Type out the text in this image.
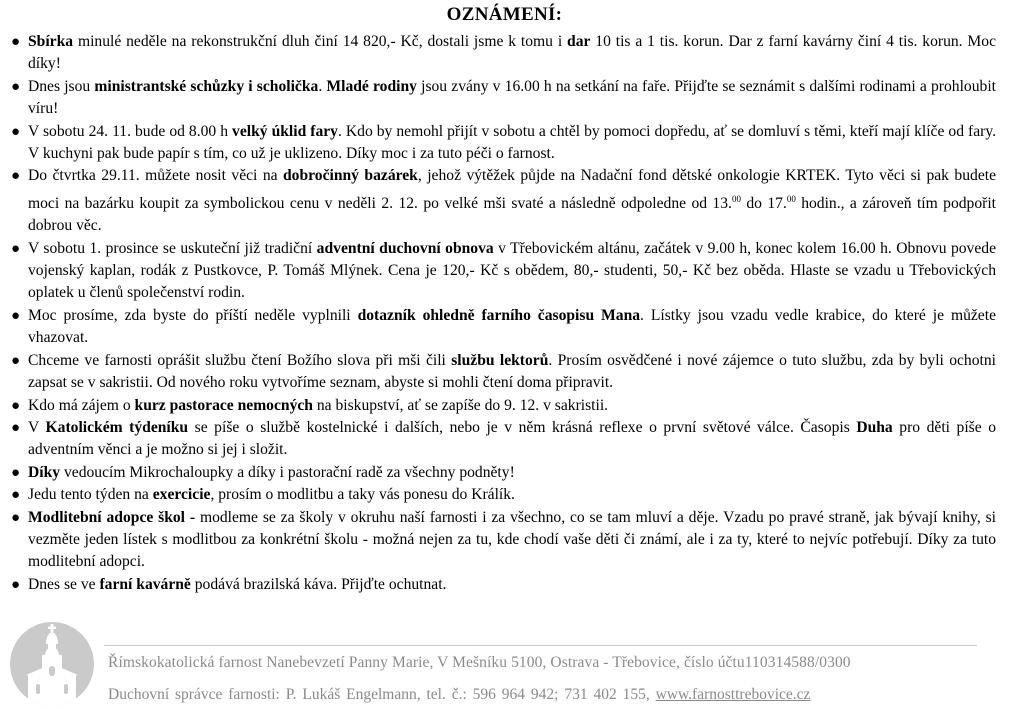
OZNÁMENÍ:
● Sbírka minulé neděle na rekonstrukční dluh činí 14 820,- Kč, dostali jsme k tomu i dar 10 tis a 1 tis. korun. Dar z farní kavárny činí 4 tis. korun. Moc díky!
● Dnes jsou ministrantské schůzky i scholička. Mladé rodiny jsou zvány v 16.00 h na setkání na faře. Přijďte se seznámit s dalšími rodinami a prohloubit víru!
● V sobotu 24. 11. bude od 8.00 h velký úklid fary. Kdo by nemohl přijít v sobotu a chtěl by pomoci dopředu, ať se domluví s těmi, kteří mají klíče od fary. V kuchyni pak bude papír s tím, co už je uklizeno. Díky moc i za tuto péči o farnost.
● Do čtvrtka 29.11. můžete nosit věci na dobročinný bazárek, jehož výtěžek půjde na Nadační fond dětské onkologie KRTEK. Tyto věci si pak budete moci na bazárku koupit za symbolickou cenu v neděli 2. 12. po velké mši svaté a následně odpoledne od 13.00 do 17.00 hodin., a zároveň tím podpořit dobrou věc.
● V sobotu 1. prosince se uskuteční již tradiční adventní duchovní obnova v Třebovickém altánu, začátek v 9.00 h, konec kolem 16.00 h. Obnovu povede vojenský kaplan, rodák z Pustkovce, P. Tomáš Mlýnek. Cena je 120,- Kč s obědem, 80,- studenti, 50,- Kč bez oběda. Hlaste se vzadu u Třebovických oplatek u členů společenství rodin.
● Moc prosíme, zda byste do příští neděle vyplnili dotazník ohledně farního časopisu Mana. Lístky jsou vzadu vedle krabice, do které je můžete vhazovat.
● Chceme ve farnosti oprášit službu čtení Božího slova při mši čili službu lektorů. Prosím osvědčené i nové zájemce o tuto službu, zda by byli ochotni zapsat se v sakristii. Od nového roku vytvoříme seznam, abyste si mohli čtení doma připravit.
● Kdo má zájem o kurz pastorace nemocných na biskupství, ať se zapíše do 9. 12. v sakristii.
● V Katolickém týdeníku se píše o službě kostelnické i dalších, nebo je v něm krásná reflexe o první světové válce. Časopis Duha pro děti píše o adventním věnci a je možno si jej i složit.
● Díky vedoucím Mikrochaloupky a díky i pastorační radě za všechny podněty!
● Jedu tento týden na exercicie, prosím o modlitbu a taky vás ponesu do Králík.
● Modlitební adopce škol - modleme se za školy v okruhu naší farnosti i za všechno, co se tam mluví a děje. Vzadu po pravé straně, jak bývají knihy, si vezměte jeden lístek s modlitbou za konkrétní školu - možná nejen za tu, kde chodí vaše děti či známí, ale i za ty, které to nejvíc potřebují. Díky za tuto modlitební adopci.
● Dnes se ve farní kavárně podává brazilská káva. Přijďte ochutnat.
Římskokatolická farnost Nanebevzetí Panny Marie, V Mešníku 5100, Ostrava - Třebovice, číslo účtu110314588/0300
Duchovní správce farnosti: P. Lukáš Engelmann, tel. č.: 596 964 942; 731 402 155, www.farnosttrebovice.cz
